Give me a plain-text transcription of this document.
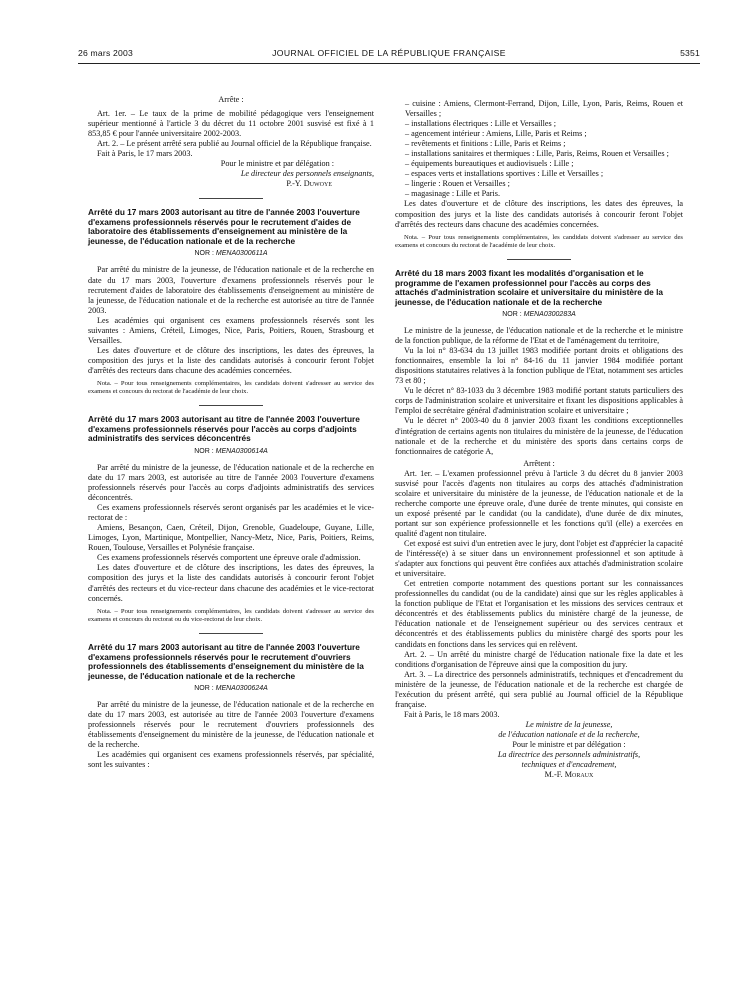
26 mars 2003	JOURNAL OFFICIEL DE LA RÉPUBLIQUE FRANÇAISE	5351

Arrête :

Art. 1er. – Le taux de la prime de mobilité pédagogique vers l'enseignement supérieur mentionné à l'article 3 du décret du 11 octobre 2001 susvisé est fixé à 1 853,85 € pour l'année universitaire 2002-2003.

Art. 2. – Le présent arrêté sera publié au Journal officiel de la République française.

Fait à Paris, le 17 mars 2003.

Pour le ministre et par délégation :

Le directeur des personnels enseignants,

P.-Y. Duwoye

Arrêté du 17 mars 2003 autorisant au titre de l'année 2003 l'ouverture d'examens professionnels réservés pour le recrutement d'aides de laboratoire des établissements d'enseignement au ministère de la jeunesse, de l'éducation nationale et de la recherche

NOR : MENA0300611A

Par arrêté du ministre de la jeunesse, de l'éducation nationale et de la recherche en date du 17 mars 2003, l'ouverture d'examens professionnels réservés pour le recrutement d'aides de laboratoire des établissements d'enseignement au ministère de la jeunesse, de l'éducation nationale et de la recherche est autorisée au titre de l'année 2003.

Les académies qui organisent ces examens professionnels réservés sont les suivantes : Amiens, Créteil, Limoges, Nice, Paris, Poitiers, Rouen, Strasbourg et Versailles.

Les dates d'ouverture et de clôture des inscriptions, les dates des épreuves, la composition des jurys et la liste des candidats autorisés à concourir feront l'objet d'arrêtés des recteurs dans chacune des académies concernées.

Nota. – Pour tous renseignements complémentaires, les candidats doivent s'adresser au service des examens et concours du rectorat de l'académie de leur choix.

Arrêté du 17 mars 2003 autorisant au titre de l'année 2003 l'ouverture d'examens professionnels réservés pour l'accès au corps d'adjoints administratifs des services déconcentrés

NOR : MENA0300614A

Par arrêté du ministre de la jeunesse, de l'éducation nationale et de la recherche en date du 17 mars 2003, est autorisée au titre de l'année 2003 l'ouverture d'examens professionnels réservés pour l'accès au corps d'adjoints administratifs des services déconcentrés.

Ces examens professionnels réservés seront organisés par les académies et le vice-rectorat de :

Amiens, Besançon, Caen, Créteil, Dijon, Grenoble, Guadeloupe, Guyane, Lille, Limoges, Lyon, Martinique, Montpellier, Nancy-Metz, Nice, Paris, Poitiers, Reims, Rouen, Toulouse, Versailles et Polynésie française.

Ces examens professionnels réservés comportent une épreuve orale d'admission.

Les dates d'ouverture et de clôture des inscriptions, les dates des épreuves, la composition des jurys et la liste des candidats autorisés à concourir feront l'objet d'arrêtés des recteurs et du vice-recteur dans chacune des académies et le vice-rectorat concernés.

Nota. – Pour tous renseignements complémentaires, les candidats doivent s'adresser au service des examens et concours du rectorat ou du vice-rectorat de leur choix.

Arrêté du 17 mars 2003 autorisant au titre de l'année 2003 l'ouverture d'examens professionnels réservés pour le recrutement d'ouvriers professionnels des établissements d'enseignement du ministère de la jeunesse, de l'éducation nationale et de la recherche

NOR : MENA0300624A

Par arrêté du ministre de la jeunesse, de l'éducation nationale et de la recherche en date du 17 mars 2003, est autorisée au titre de l'année 2003 l'ouverture d'examens professionnels réservés pour le recrutement d'ouvriers professionnels des établissements d'enseignement du ministère de la jeunesse, de l'éducation nationale et de la recherche.

Les académies qui organisent ces examens professionnels réservés, par spécialité, sont les suivantes :

– cuisine : Amiens, Clermont-Ferrand, Dijon, Lille, Lyon, Paris, Reims, Rouen et Versailles ;

– installations électriques : Lille et Versailles ;

– agencement intérieur : Amiens, Lille, Paris et Reims ;

– revêtements et finitions : Lille, Paris et Reims ;

– installations sanitaires et thermiques : Lille, Paris, Reims, Rouen et Versailles ;

– équipements bureautiques et audiovisuels : Lille ;

– espaces verts et installations sportives : Lille et Versailles ;

– lingerie : Rouen et Versailles ;

– magasinage : Lille et Paris.

Les dates d'ouverture et de clôture des inscriptions, les dates des épreuves, la composition des jurys et la liste des candidats autorisés à concourir feront l'objet d'arrêtés des recteurs dans chacune des académies concernées.

Nota. – Pour tous renseignements complémentaires, les candidats doivent s'adresser au service des examens et concours du rectorat de l'académie de leur choix.

Arrêté du 18 mars 2003 fixant les modalités d'organisation et le programme de l'examen professionnel pour l'accès au corps des attachés d'administration scolaire et universitaire du ministère de la jeunesse, de l'éducation nationale et de la recherche

NOR : MENA0300283A

Le ministre de la jeunesse, de l'éducation nationale et de la recherche et le ministre de la fonction publique, de la réforme de l'Etat et de l'aménagement du territoire,

Vu la loi n° 83-634 du 13 juillet 1983 modifiée portant droits et obligations des fonctionnaires, ensemble la loi n° 84-16 du 11 janvier 1984 modifiée portant dispositions statutaires relatives à la fonction publique de l'Etat, notamment ses articles 73 et 80 ;

Vu le décret n° 83-1033 du 3 décembre 1983 modifié portant statuts particuliers des corps de l'administration scolaire et universitaire et fixant les dispositions applicables à l'emploi de secrétaire général d'administration scolaire et universitaire ;

Vu le décret n° 2003-40 du 8 janvier 2003 fixant les conditions exceptionnelles d'intégration de certains agents non titulaires du ministère de la jeunesse, de l'éducation nationale et de la recherche et du ministère des sports dans certains corps de fonctionnaires de catégorie A,

Arrêtent :

Art. 1er. – L'examen professionnel prévu à l'article 3 du décret du 8 janvier 2003 susvisé pour l'accès d'agents non titulaires au corps des attachés d'administration scolaire et universitaire du ministère de la jeunesse, de l'éducation nationale et de la recherche comporte une épreuve orale, d'une durée de trente minutes, qui consiste en un exposé présenté par le candidat (ou la candidate), d'une durée de dix minutes, portant sur son expérience professionnelle et les fonctions qu'il (elle) a exercées en qualité d'agent non titulaire.

Cet exposé est suivi d'un entretien avec le jury, dont l'objet est d'apprécier la capacité de l'intéressé(e) à se situer dans un environnement professionnel et son aptitude à s'adapter aux fonctions qui peuvent être confiées aux attachés d'administration scolaire et universitaire.

Cet entretien comporte notamment des questions portant sur les connaissances professionnelles du candidat (ou de la candidate) ainsi que sur les règles applicables à la fonction publique de l'Etat et l'organisation et les missions des services centraux et déconcentrés et des établissements publics du ministère chargé de la jeunesse, de l'éducation nationale et de l'enseignement supérieur ou des services centraux et déconcentrés et des établissements publics du ministère chargé des sports pour les candidats en fonctions dans les services qui en relèvent.

Art. 2. – Un arrêté du ministre chargé de l'éducation nationale fixe la date et les conditions d'organisation de l'épreuve ainsi que la composition du jury.

Art. 3. – La directrice des personnels administratifs, techniques et d'encadrement du ministère de la jeunesse, de l'éducation nationale et de la recherche est chargée de l'exécution du présent arrêté, qui sera publié au Journal officiel de la République française.

Fait à Paris, le 18 mars 2003.

Le ministre de la jeunesse,

de l'éducation nationale et de la recherche,

Pour le ministre et par délégation :

La directrice des personnels administratifs,

techniques et d'encadrement,

M.-F. Moraux
